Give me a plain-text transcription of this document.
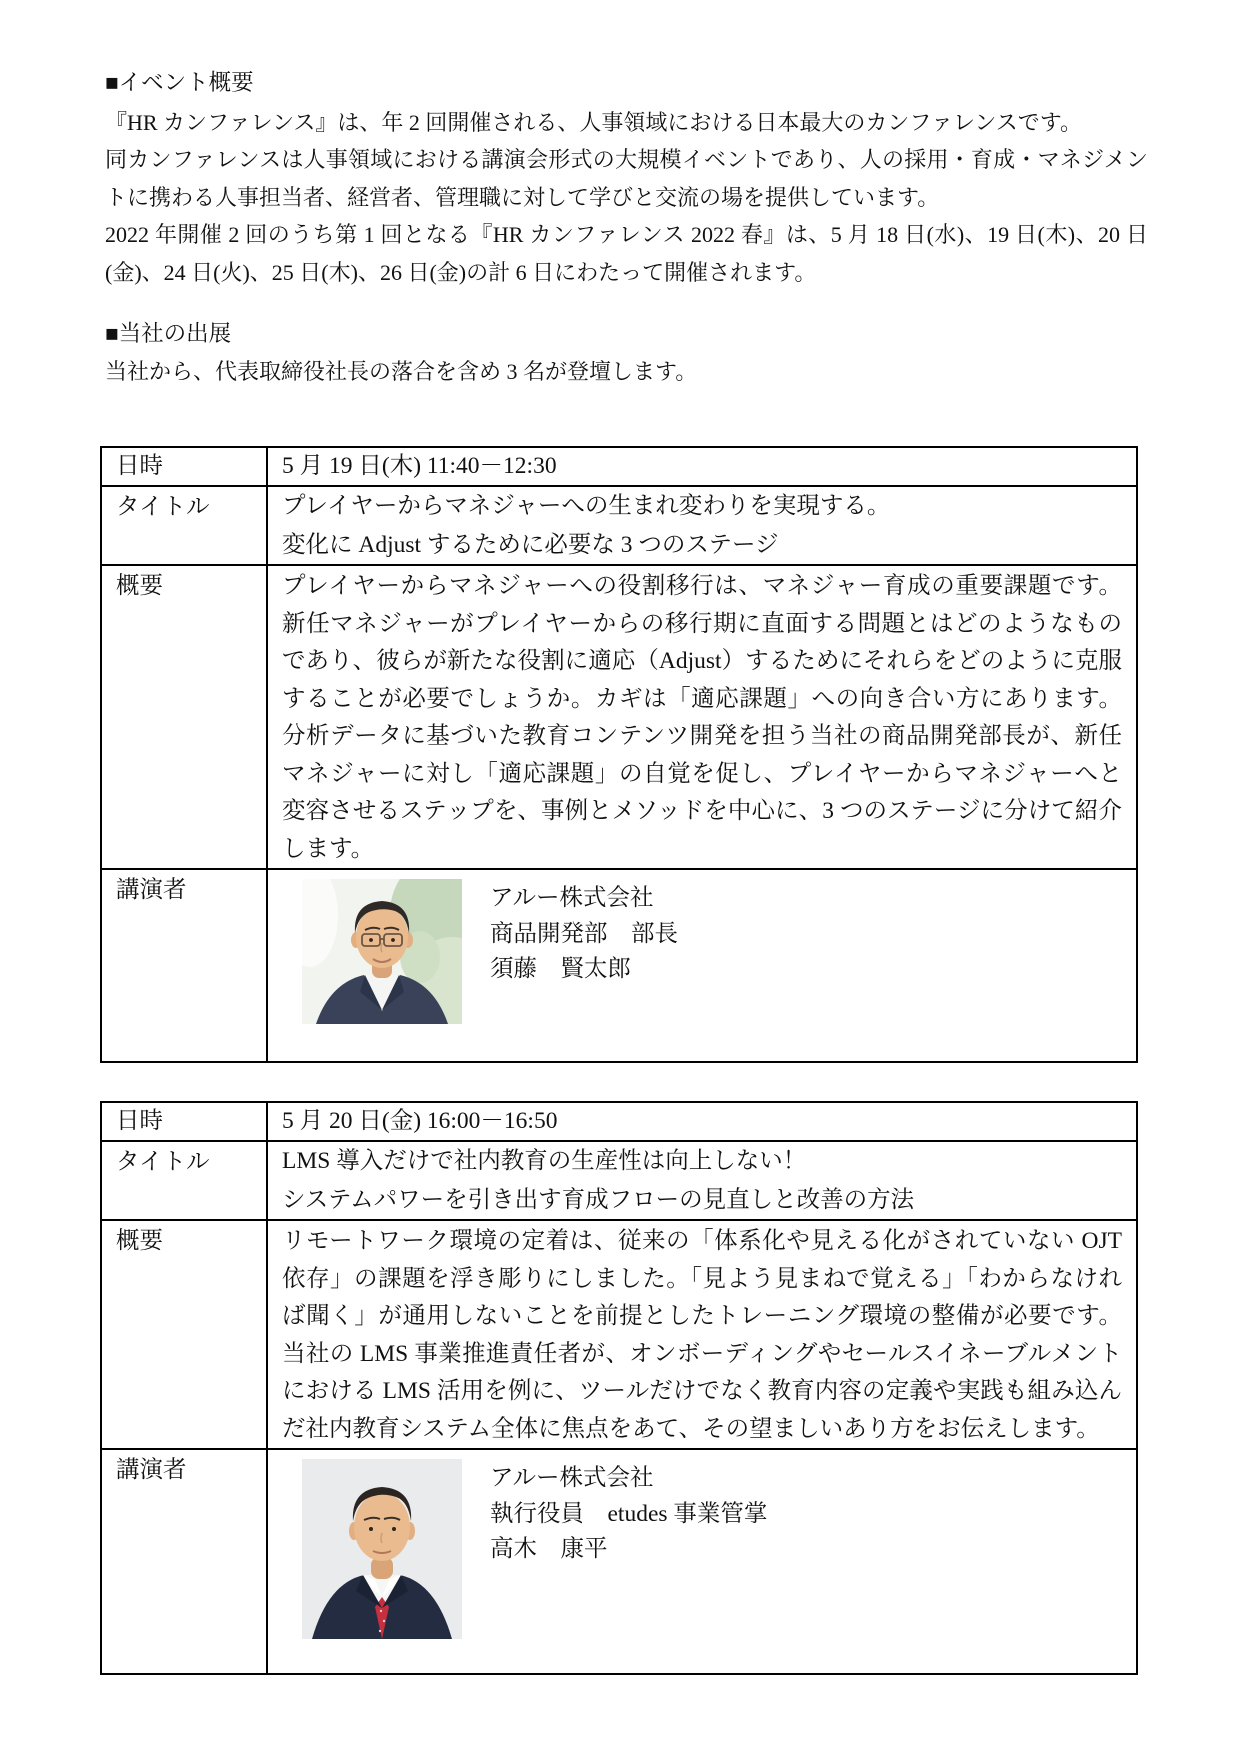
■イベント概要

『HR カンファレンス』は、年 2 回開催される、人事領域における日本最大のカンファレンスです。

同カンファレンスは人事領域における講演会形式の大規模イベントであり、人の採用・育成・マネジメントに携わる人事担当者、経営者、管理職に対して学びと交流の場を提供しています。

2022 年開催 2 回のうち第 1 回となる『HR カンファレンス 2022 春』は、5 月 18 日(水)、19 日(木)、20 日(金)、24 日(火)、25 日(木)、26 日(金)の計 6 日にわたって開催されます。

■当社の出展

当社から、代表取締役社長の落合を含め 3 名が登壇します。

日時	5 月 19 日(木) 11:40－12:30
タイトル	プレイヤーからマネジャーへの生まれ変わりを実現する。
変化に Adjust するために必要な 3 つのステージ

概要	プレイヤーからマネジャーへの役割移行は、マネジャー育成の重要課題です。新任マネジャーがプレイヤーからの移行期に直面する問題とはどのようなものであり、彼らが新たな役割に適応（Adjust）するためにそれらをどのように克服することが必要でしょうか。カギは「適応課題」への向き合い方にあります。分析データに基づいた教育コンテンツ開発を担う当社の商品開発部長が、新任マネジャーに対し「適応課題」の自覚を促し、プレイヤーからマネジャーへと変容させるステップを、事例とメソッドを中心に、3 つのステージに分けて紹介します。

講演者	アルー株式会社
商品開発部　部長
須藤　賢太郎
日時	5 月 20 日(金) 16:00－16:50
タイトル	LMS 導入だけで社内教育の生産性は向上しない！
システムパワーを引き出す育成フローの見直しと改善の方法

概要	リモートワーク環境の定着は、従来の「体系化や見える化がされていない OJT 依存」の課題を浮き彫りにしました。「見よう見まねで覚える」「わからなければ聞く」が通用しないことを前提としたトレーニング環境の整備が必要です。当社の LMS 事業推進責任者が、オンボーディングやセールスイネーブルメントにおける LMS 活用を例に、ツールだけでなく教育内容の定義や実践も組み込んだ社内教育システム全体に焦点をあて、その望ましいあり方をお伝えします。

講演者	アルー株式会社
執行役員　etudes 事業管掌
高木　康平
